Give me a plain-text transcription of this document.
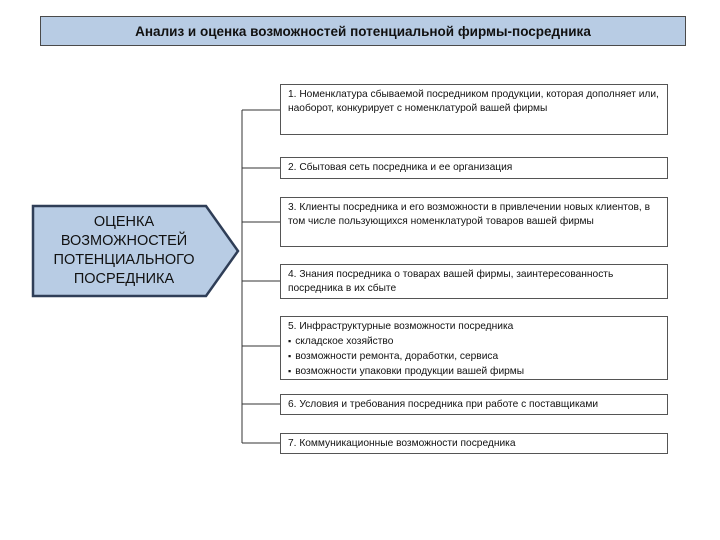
Анализ и оценка возможностей потенциальной фирмы-посредника
ОЦЕНКА ВОЗМОЖНОСТЕЙ ПОТЕНЦИАЛЬНОГО ПОСРЕДНИКА
1. Номенклатура сбываемой посредником продукции, которая дополняет или, наоборот, конкурирует с номенклатурой вашей фирмы
2. Сбытовая сеть посредника и ее организация
3. Клиенты посредника и его возможности в привлечении новых клиентов, в том числе пользующихся номенклатурой товаров вашей фирмы
4. Знания посредника о товарах вашей фирмы, заинтересованность посредника в их сбыте
5. Инфраструктурные возможности посредника
▪ складское хозяйство
▪ возможности ремонта, доработки, сервиса
▪ возможности упаковки продукции вашей фирмы
6. Условия и требования посредника при работе с поставщиками
7. Коммуникационные возможности посредника
